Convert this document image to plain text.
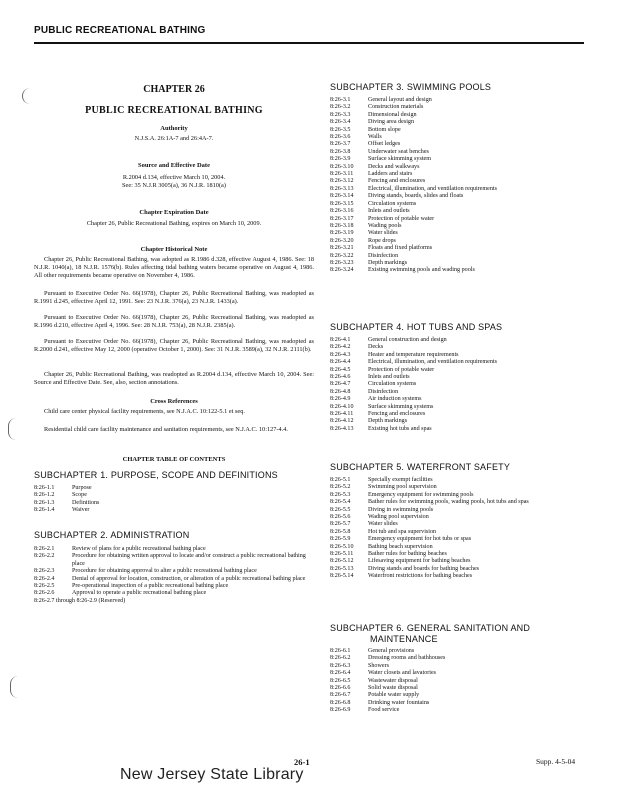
PUBLIC RECREATIONAL BATHING
CHAPTER 26
PUBLIC RECREATIONAL BATHING
Authority
N.J.S.A. 26:1A-7 and 26:4A-7.
Source and Effective Date
R.2004 d.134, effective March 10, 2004.
See: 35 N.J.R 3005(a), 36 N.J.R. 1810(a)
Chapter Expiration Date
Chapter 26, Public Recreational Bathing, expires on March 10, 2009.
Chapter Historical Note

Chapter 26, Public Recreational Bathing, was adopted as R.1986 d.328, effective August 4, 1986. See: 18 N.J.R. 1040(a), 18 N.J.R. 1576(b). Rules affecting tidal bathing waters became operative on August 4, 1986. All other requirements became operative on November 4, 1986.

Pursuant to Executive Order No. 66(1978), Chapter 26, Public Recreational Bathing, was readopted as R.1991 d.245, effective April 12, 1991. See: 23 N.J.R. 376(a), 23 N.J.R. 1433(a).

Pursuant to Executive Order No. 66(1978), Chapter 26, Public Recreational Bathing, was readopted as R.1996 d.210, effective April 4, 1996. See: 28 N.J.R. 753(a), 28 N.J.R. 2385(a).

Pursuant to Executive Order No. 66(1978), Chapter 26, Public Recreational Bathing, was readopted as R.2000 d.241, effective May 12, 2000 (operative October 1, 2000). See: 31 N.J.R. 3589(a), 32 N.J.R. 2111(b).

Chapter 26, Public Recreational Bathing, was readopted as R.2004 d.134, effective March 10, 2004. See: Source and Effective Date. See, also, section annotations.

Cross References

Child care center physical facility requirements, see N.J.A.C. 10:122-5.1 et seq.

Residential child care facility maintenance and sanitation requirements, see N.J.A.C. 10:127-4.4.

CHAPTER TABLE OF CONTENTS
SUBCHAPTER 1. PURPOSE, SCOPE AND DEFINITIONS
8:26-1.1	Purpose
8:26-1.2	Scope
8:26-1.3	Definitions
8:26-1.4	Waiver
SUBCHAPTER 2. ADMINISTRATION
8:26-2.1	Review of plans for a public recreational bathing place
8:26-2.2	Procedure for obtaining written approval to locate and/or construct a public recreational bathing place
8:26-2.3	Procedure for obtaining approval to alter a public recreational bathing place
8:26-2.4	Denial of approval for location, construction, or alteration of a public recreational bathing place
8:26-2.5	Pre-operational inspection of a public recreational bathing place
8:26-2.6	Approval to operate a public recreational bathing place
8:26-2.7 through 8:26-2.9 (Reserved)
SUBCHAPTER 3. SWIMMING POOLS
8:26-3.1	General layout and design
8:26-3.2	Construction materials
8:26-3.3	Dimensional design
8:26-3.4	Diving area design
8:26-3.5	Bottom slope
8:26-3.6	Walls
8:26-3.7	Offset ledges
8:26-3.8	Underwater seat benches
8:26-3.9	Surface skimming system
8:26-3.10	Decks and walkways
8:26-3.11	Ladders and stairs
8:26-3.12	Fencing and enclosures
8:26-3.13	Electrical, illumination, and ventilation requirements
8:26-3.14	Diving stands, boards, slides and floats
8:26-3.15	Circulation systems
8:26-3.16	Inlets and outlets
8:26-3.17	Protection of potable water
8:26-3.18	Wading pools
8:26-3.19	Water slides
8:26-3.20	Rope drops
8:26-3.21	Floats and fixed platforms
8:26-3.22	Disinfection
8:26-3.23	Depth markings
8:26-3.24	Existing swimming pools and wading pools
SUBCHAPTER 4. HOT TUBS AND SPAS
8:26-4.1	General construction and design
8:26-4.2	Decks
8:26-4.3	Heater and temperature requirements
8:26-4.4	Electrical, illumination, and ventilation requirements
8:26-4.5	Protection of potable water
8:26-4.6	Inlets and outlets
8:26-4.7	Circulation systems
8:26-4.8	Disinfection
8:26-4.9	Air induction systems
8:26-4.10	Surface skimming systems
8:26-4.11	Fencing and enclosures
8:26-4.12	Depth markings
8:26-4.13	Existing hot tubs and spas
SUBCHAPTER 5. WATERFRONT SAFETY
8:26-5.1	Specially exempt facilities
8:26-5.2	Swimming pool supervision
8:26-5.3	Emergency equipment for swimming pools
8:26-5.4	Bather rules for swimming pools, wading pools, hot tubs and spas
8:26-5.5	Diving in swimming pools
8:26-5.6	Wading pool supervision
8:26-5.7	Water slides
8:26-5.8	Hot tub and spa supervision
8:26-5.9	Emergency equipment for hot tubs or spas
8:26-5.10	Bathing beach supervision
8:26-5.11	Bather rules for bathing beaches
8:26-5.12	Lifesaving equipment for bathing beaches
8:26-5.13	Diving stands and boards for bathing beaches
8:26-5.14	Waterfront restrictions for bathing beaches
SUBCHAPTER 6. GENERAL SANITATION AND
MAINTENANCE
8:26-6.1	General provisions
8:26-6.2	Dressing rooms and bathhouses
8:26-6.3	Showers
8:26-6.4	Water closets and lavatories
8:26-6.5	Wastewater disposal
8:26-6.6	Solid waste disposal
8:26-6.7	Potable water supply
8:26-6.8	Drinking water fountains
8:26-6.9	Food service
26-1	Supp. 4-5-04
New Jersey State Library
